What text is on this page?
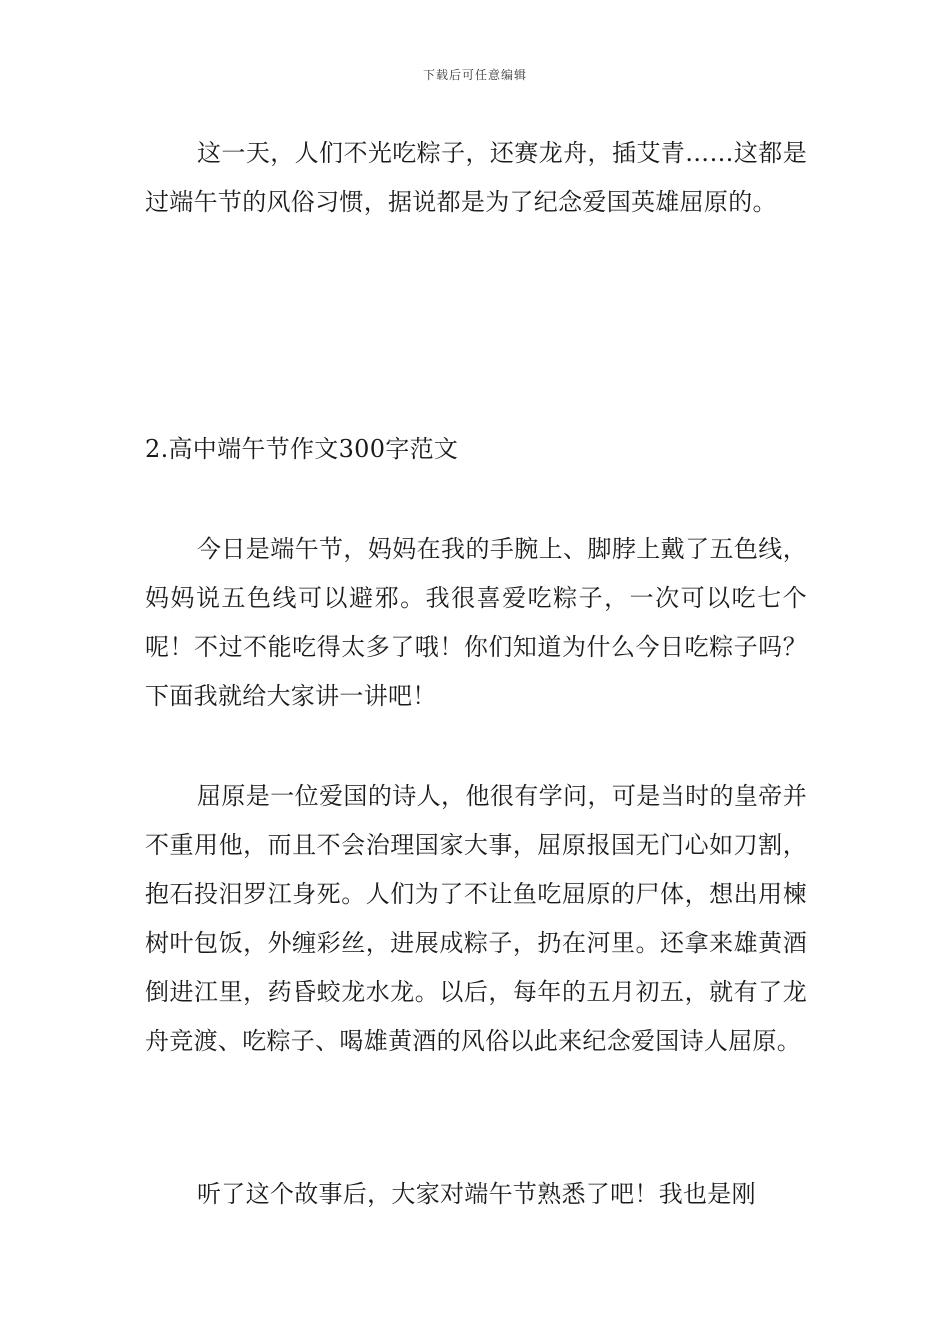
下载后可任意编辑

这一天，人们不光吃粽子，还赛龙舟，插艾青……这都是过端午节的风俗习惯，据说都是为了纪念爱国英雄屈原的。

2.高中端午节作文300字范文

今日是端午节，妈妈在我的手腕上、脚脖上戴了五色线，妈妈说五色线可以避邪。我很喜爱吃粽子，一次可以吃七个呢！不过不能吃得太多了哦！你们知道为什么今日吃粽子吗？下面我就给大家讲一讲吧！

屈原是一位爱国的诗人，他很有学问，可是当时的皇帝并不重用他，而且不会治理国家大事，屈原报国无门心如刀割，抱石投汨罗江身死。人们为了不让鱼吃屈原的尸体，想出用楝树叶包饭，外缠彩丝，进展成粽子，扔在河里。还拿来雄黄酒倒进江里，药昏蛟龙水龙。以后，每年的五月初五，就有了龙舟竞渡、吃粽子、喝雄黄酒的风俗以此来纪念爱国诗人屈原。

听了这个故事后，大家对端午节熟悉了吧！我也是刚
